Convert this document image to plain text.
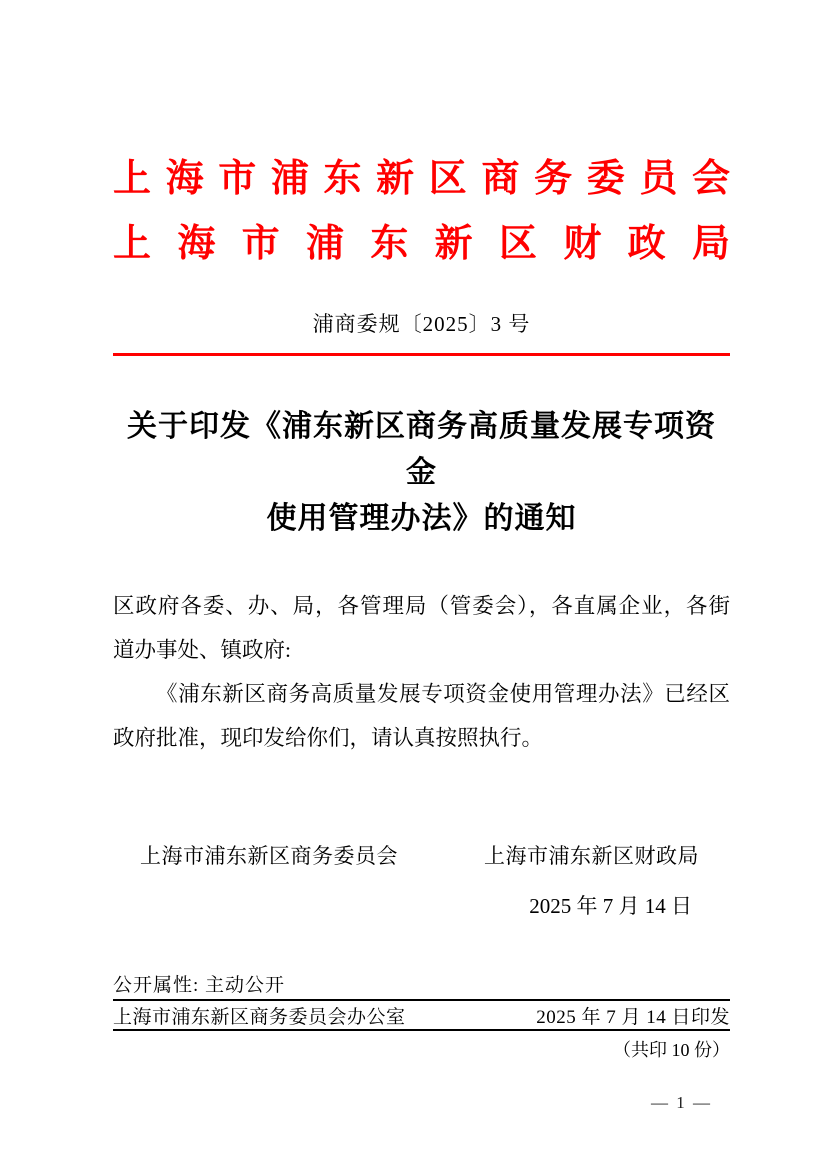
上海市浦东新区商务委员会
上海市浦东新区财政局
浦商委规〔2025〕3 号
关于印发《浦东新区商务高质量发展专项资金
使用管理办法》的通知
区政府各委、办、局，各管理局（管委会），各直属企业，各街
道办事处、镇政府:
《浦东新区商务高质量发展专项资金使用管理办法》已经区
政府批准，现印发给你们，请认真按照执行。
上海市浦东新区商务委员会	上海市浦东新区财政局
2025 年 7 月 14 日
公开属性: 主动公开
上海市浦东新区商务委员会办公室	2025 年 7 月 14 日印发
（共印 10 份）
— 1 —
